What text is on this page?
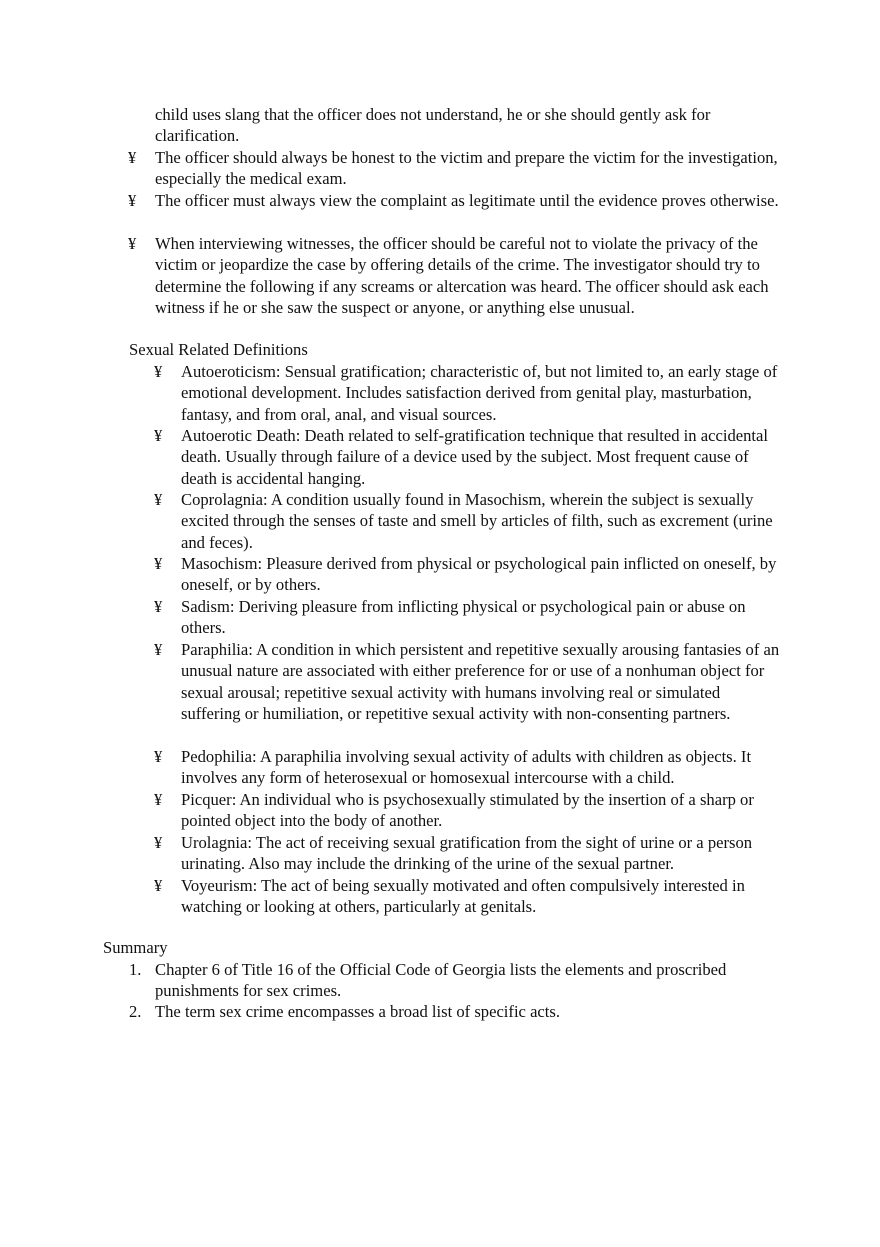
child uses slang that the officer does not understand, he or she should gently ask for clarification.

¥ The officer should always be honest to the victim and prepare the victim for the investigation, especially the medical exam.

¥ The officer must always view the complaint as legitimate until the evidence proves otherwise.

¥ When interviewing witnesses, the officer should be careful not to violate the privacy of the victim or jeopardize the case by offering details of the crime. The investigator should try to determine the following if any screams or altercation was heard. The officer should ask each witness if he or she saw the suspect or anyone, or anything else unusual.

Sexual Related Definitions

¥ Autoeroticism: Sensual gratification; characteristic of, but not limited to, an early stage of emotional development. Includes satisfaction derived from genital play, masturbation, fantasy, and from oral, anal, and visual sources.

¥ Autoerotic Death: Death related to self-gratification technique that resulted in accidental death. Usually through failure of a device used by the subject. Most frequent cause of death is accidental hanging.

¥ Coprolagnia: A condition usually found in Masochism, wherein the subject is sexually excited through the senses of taste and smell by articles of filth, such as excrement (urine and feces).

¥ Masochism: Pleasure derived from physical or psychological pain inflicted on oneself, by oneself, or by others.

¥ Sadism: Deriving pleasure from inflicting physical or psychological pain or abuse on others.

¥ Paraphilia: A condition in which persistent and repetitive sexually arousing fantasies of an unusual nature are associated with either preference for or use of a nonhuman object for sexual arousal; repetitive sexual activity with humans involving real or simulated suffering or humiliation, or repetitive sexual activity with non-consenting partners.

¥ Pedophilia: A paraphilia involving sexual activity of adults with children as objects. It involves any form of heterosexual or homosexual intercourse with a child.

¥ Picquer: An individual who is psychosexually stimulated by the insertion of a sharp or pointed object into the body of another.

¥ Urolagnia: The act of receiving sexual gratification from the sight of urine or a person urinating. Also may include the drinking of the urine of the sexual partner.

¥ Voyeurism: The act of being sexually motivated and often compulsively interested in watching or looking at others, particularly at genitals.

Summary

1. Chapter 6 of Title 16 of the Official Code of Georgia lists the elements and proscribed punishments for sex crimes.

2. The term sex crime encompasses a broad list of specific acts.
